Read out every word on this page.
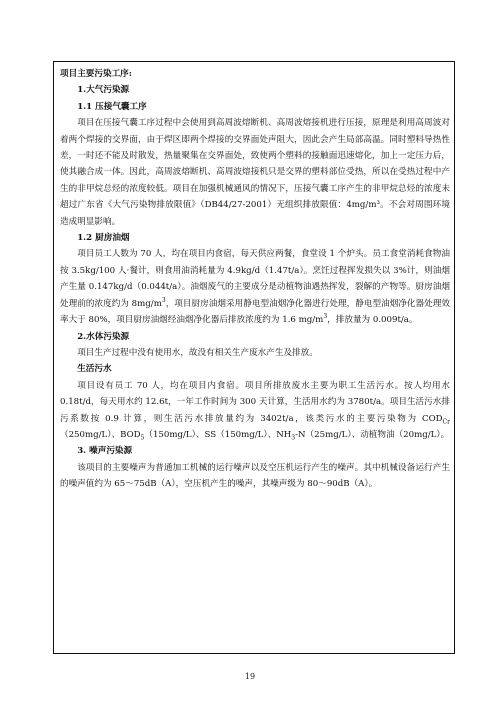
项目主要污染工序:

1.大气污染源

1.1 压接气囊工序

项目在压接气囊工序过程中会使用到高周波熔断机、高周波熔接机进行压接，原理是利用高周波对着两个焊接的交界面，由于焊区即两个焊接的交界面处声阻大，因此会产生局部高温。同时塑料导热性差，一时还不能及时散发，热量聚集在交界面处，致使两个塑料的接触面迅速熔化，加上一定压力后，使其融合成一体。因此，高周波熔断机、高周波熔接机只是交界的塑料部位受热，所以在受热过程中产生的非甲烷总烃的浓度较低。项目在加强机械通风的情况下，压接气囊工序产生的非甲烷总烃的浓度未超过广东省《大气污染物排放限值》（DB44/27-2001）无组织排放限值：4mg/m³。不会对周围环境造成明显影响。

1.2 厨房油烟

项目员工人数为 70 人，均在项目内食宿，每天供应两餐，食堂设 1 个炉头。员工食堂消耗食物油按 3.5kg/100 人·餐计，则食用油消耗量为 4.9kg/d（1.47t/a）。烹饪过程挥发损失以 3%计，则油烟产生量 0.147kg/d（0.044t/a）。油烟废气的主要成分是动植物油遇热挥发，裂解的产物等。厨房油烟处理前的浓度约为 $8mg/m^3$，项目厨房油烟采用静电型油烟净化器进行处理，静电型油烟净化器处理效率大于 80%，项目厨房油烟经油烟净化器后排放浓度约为 1.6 $mg/m^3$，排放量为 0.009t/a。

2.水体污染源

项目生产过程中没有使用水，故没有相关生产废水产生及排放。

生活污水

项目设有员工 70 人，均在项目内食宿。项目所排放废水主要为职工生活污水。按人均用水 0.18t/d，每天用水约 12.6t，一年工作时间为 300 天计算，生活用水约为 3780t/a。项目生活污水排污系数按 0.9 计算，则生活污水排放量约为 3402t/a，该类污水的主要污染物为 $COD_{Cr}(250mg/L)$、$BOD_5(150mg/L)$、SS（150mg/L）、$NH_3-N(25mg/L)$、动植物油（20mg/L）。

3. 噪声污染源

该项目的主要噪声为普通加工机械的运行噪声以及空压机运行产生的噪声。其中机械设备运行产生的噪声值约为 65～75dB（A），空压机产生的噪声，其噪声级为 80～90dB（A）。

19
